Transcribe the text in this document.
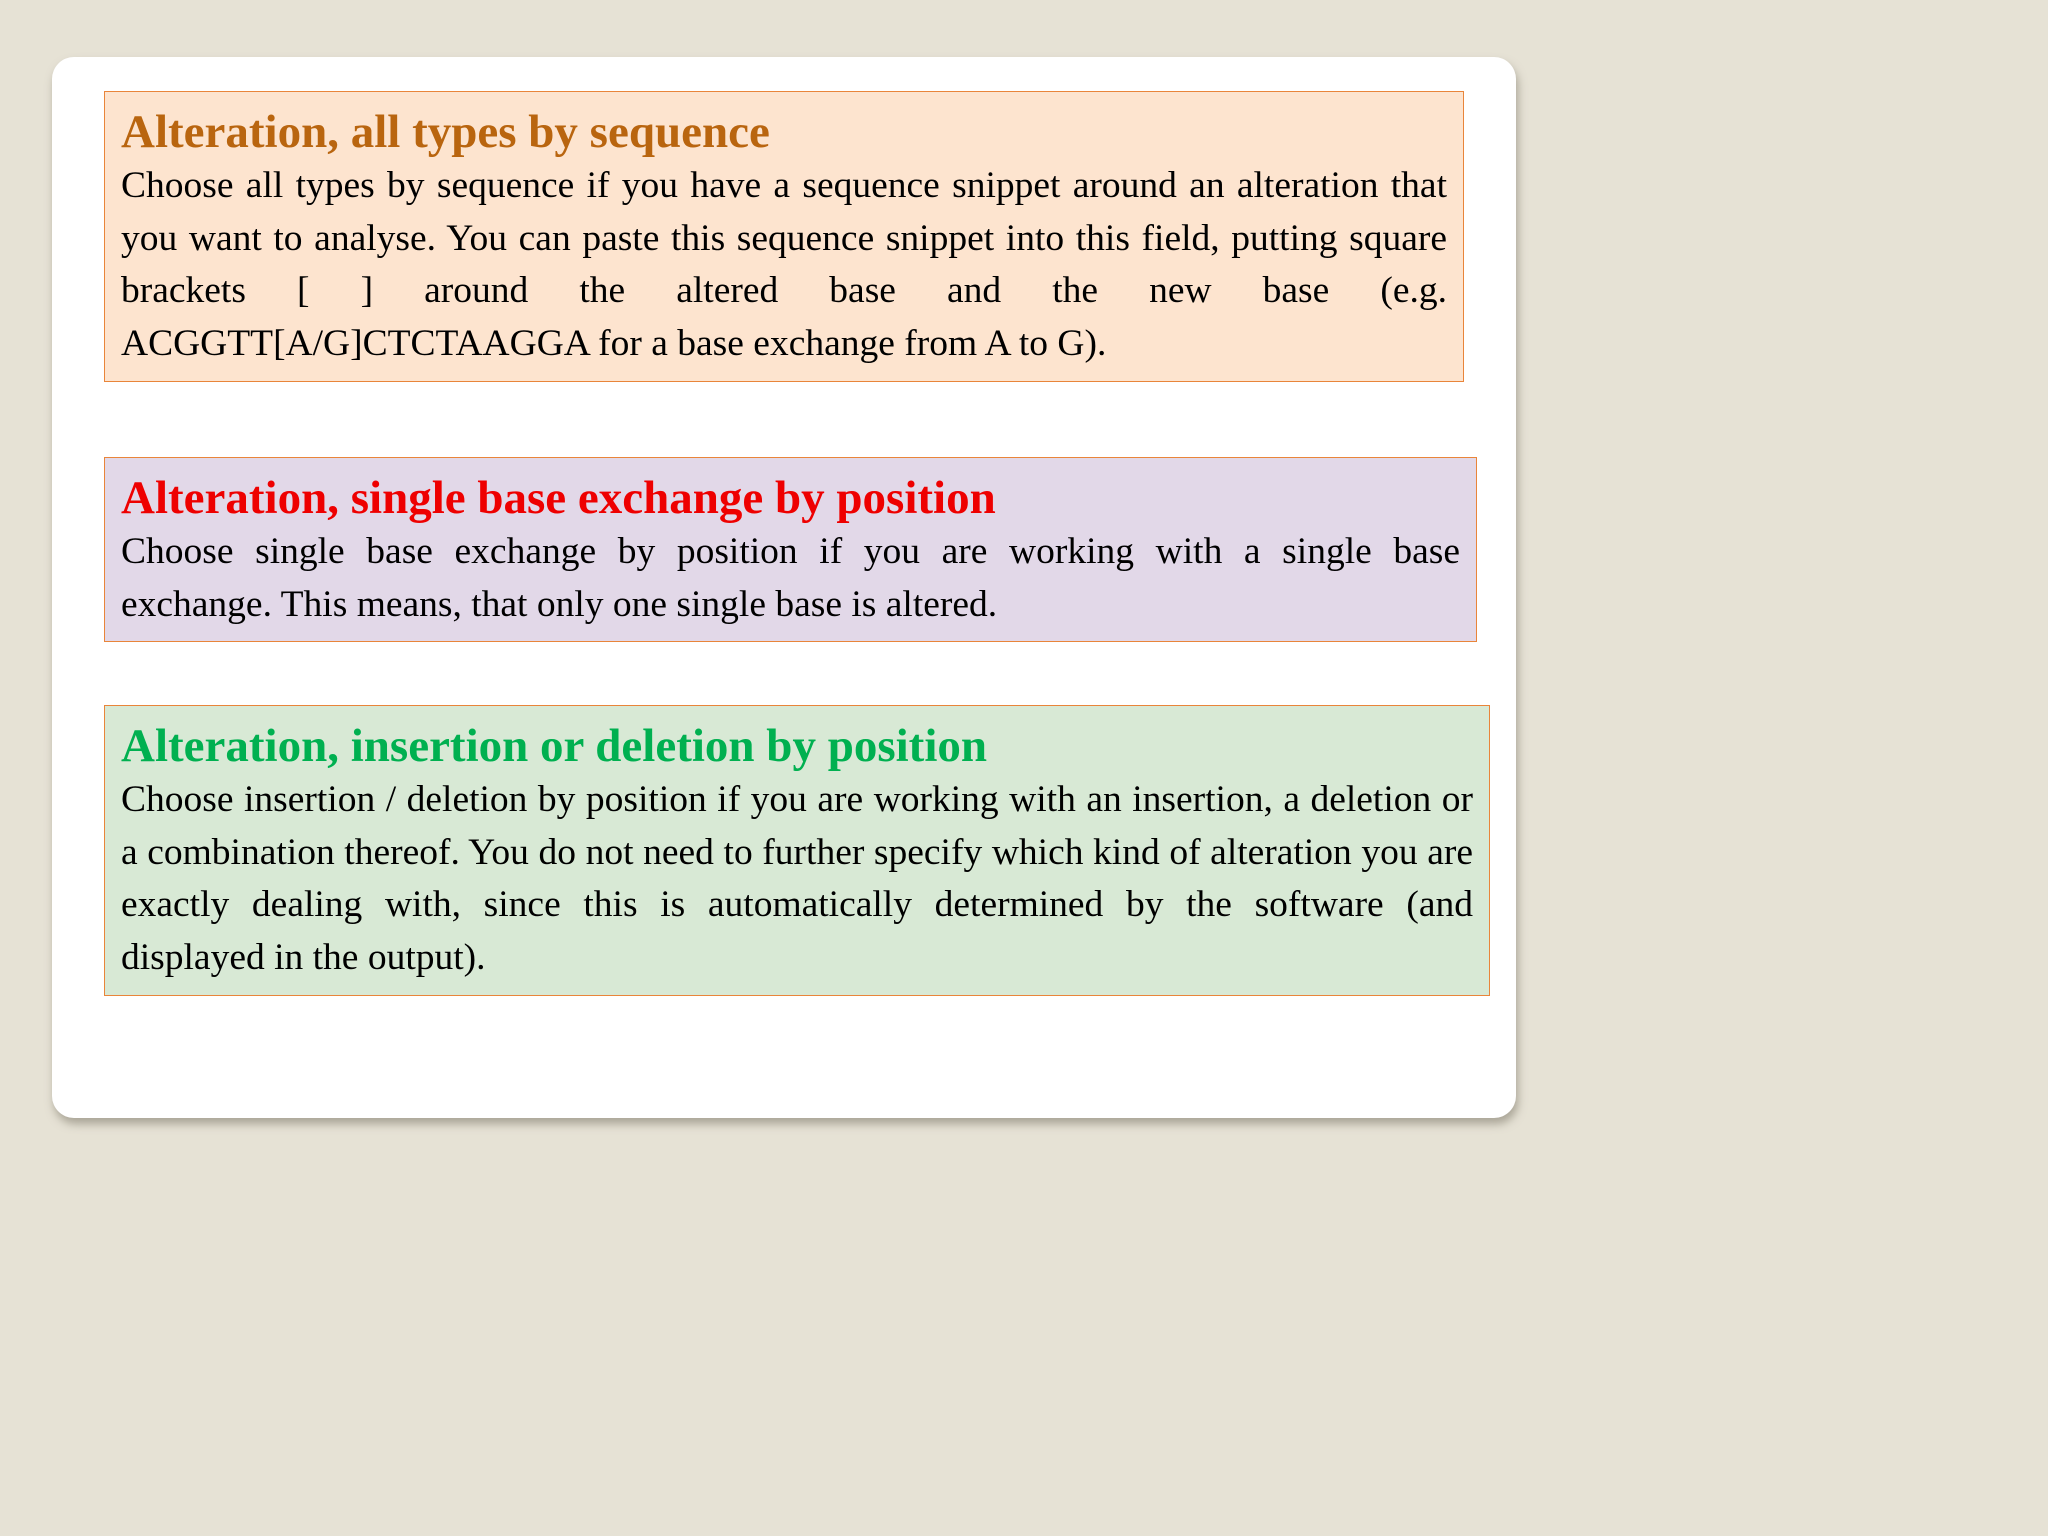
Alteration, all types by sequence

Choose all types by sequence if you have a sequence snippet around an alteration that you want to analyse. You can paste this sequence snippet into this field, putting square brackets [ ] around the altered base and the new base (e.g. ACGGTT[A/G]CTCTAAGGA for a base exchange from A to G).

Alteration, single base exchange by position

Choose single base exchange by position if you are working with a single base exchange. This means, that only one single base is altered.

Alteration, insertion or deletion by position

Choose insertion / deletion by position if you are working with an insertion, a deletion or a combination thereof. You do not need to further specify which kind of alteration you are exactly dealing with, since this is automatically determined by the software (and displayed in the output).
